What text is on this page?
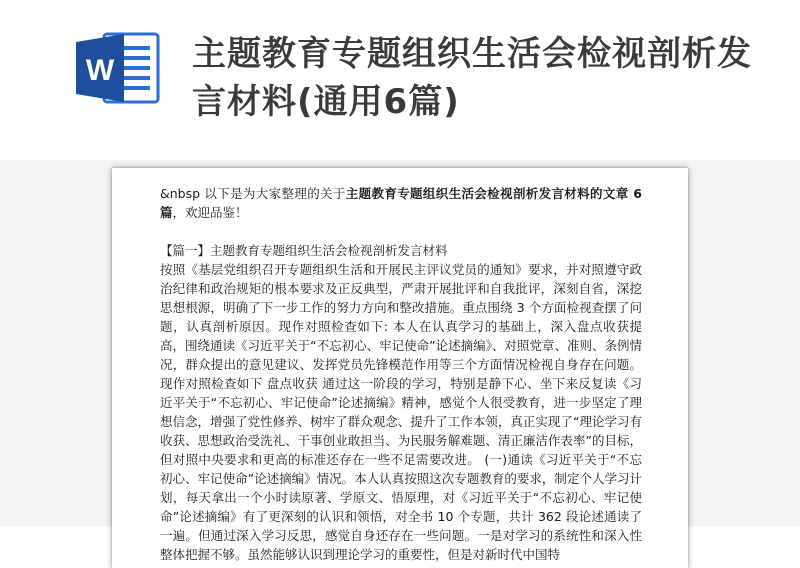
W 主题教育专题组织生活会检视剖析发言材料(通用6篇)

&nbsp 以下是为大家整理的关于主题教育专题组织生活会检视剖析发言材料的文章 6 篇，欢迎品鉴！

【篇一】主题教育专题组织生活会检视剖析发言材料

按照《基层党组织召开专题组织生活和开展民主评议党员的通知》要求，并对照遵守政治纪律和政治规矩的根本要求及正反典型，严肃开展批评和自我批评，深刻自省，深挖思想根源，明确了下一步工作的努力方向和整改措施。重点围绕 3 个方面检视查摆了问题，认真剖析原因。现作对照检查如下: 本人在认真学习的基础上，深入盘点收获提高，围绕通读《习近平关于“不忘初心、牢记使命”论述摘编》、对照党章、准则、条例情况，群众提出的意见建议、发挥党员先锋模范作用等三个方面情况检视自身存在问题。现作对照检查如下 盘点收获 通过这一阶段的学习，特别是静下心、坐下来反复读《习近平关于“不忘初心、牢记使命”论述摘编》精神，感觉个人很受教育，进一步坚定了理想信念，增强了党性修养、树牢了群众观念、提升了工作本领，真正实现了“理论学习有收获、思想政治受洗礼、干事创业敢担当、为民服务解难题、清正廉洁作表率”的目标，但对照中央要求和更高的标准还存在一些不足需要改进。 (一)通读《习近平关于“不忘初心、牢记使命”论述摘编》情况。本人认真按照这次专题教育的要求，制定个人学习计划，每天拿出一个小时读原著、学原文、悟原理，对《习近平关于“不忘初心、牢记使命”论述摘编》有了更深刻的认识和领悟，对全书 10 个专题，共计 362 段论述通读了一遍。但通过深入学习反思，感觉自身还存在一些问题。一是对学习的系统性和深入性整体把握不够。虽然能够认识到理论学习的重要性，但是对新时代中国特
